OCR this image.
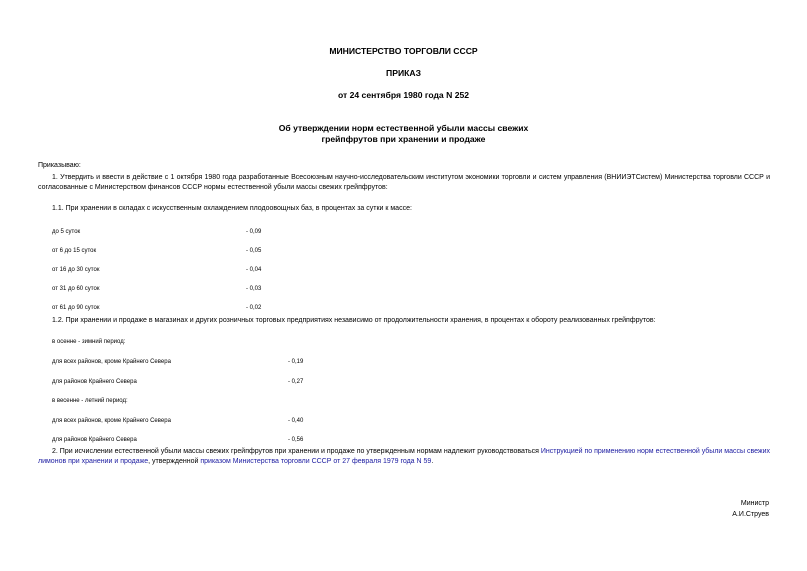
МИНИСТЕРСТВО ТОРГОВЛИ СССР
ПРИКАЗ
от 24 сентября 1980 года N 252
Об утверждении норм естественной убыли массы свежих
грейпфрутов при хранении и продаже

Приказываю:

1. Утвердить и ввести в действие с 1 октября 1980 года разработанные Всесоюзным научно-исследовательским институтом экономики торговли и систем управления (ВНИИЭТСистем) Министерства торговли СССР и согласованные с Министерством финансов СССР нормы естественной убыли массы свежих грейпфрутов:

1.1. При хранении в складах с искусственным охлаждением плодоовощных баз, в процентах за сутки к массе:

до 5 суток	- 0,09
от 6 до 15 суток	- 0,05
от 16 до 30 суток	- 0,04
от 31 до 60 суток	- 0,03
от 61 до 90 суток	- 0,02

1.2. При хранении и продаже в магазинах и других розничных торговых предприятиях независимо от продолжительности хранения, в процентах к обороту реализованных грейпфрутов:

в осенне - зимний период:
для всех районов, кроме Крайнего Севера	- 0,19
для районов Крайнего Севера	- 0,27
в весенне - летний период:
для всех районов, кроме Крайнего Севера	- 0,40
для районов Крайнего Севера	- 0,56

2. При исчислении естественной убыли массы свежих грейпфрутов при хранении и продаже по утвержденным нормам надлежит руководствоваться Инструкцией по применению норм естественной убыли массы свежих лимонов при хранении и продаже, утвержденной приказом Министерства торговли СССР от 27 февраля 1979 года N 59.

Министр
А.И.Струев
